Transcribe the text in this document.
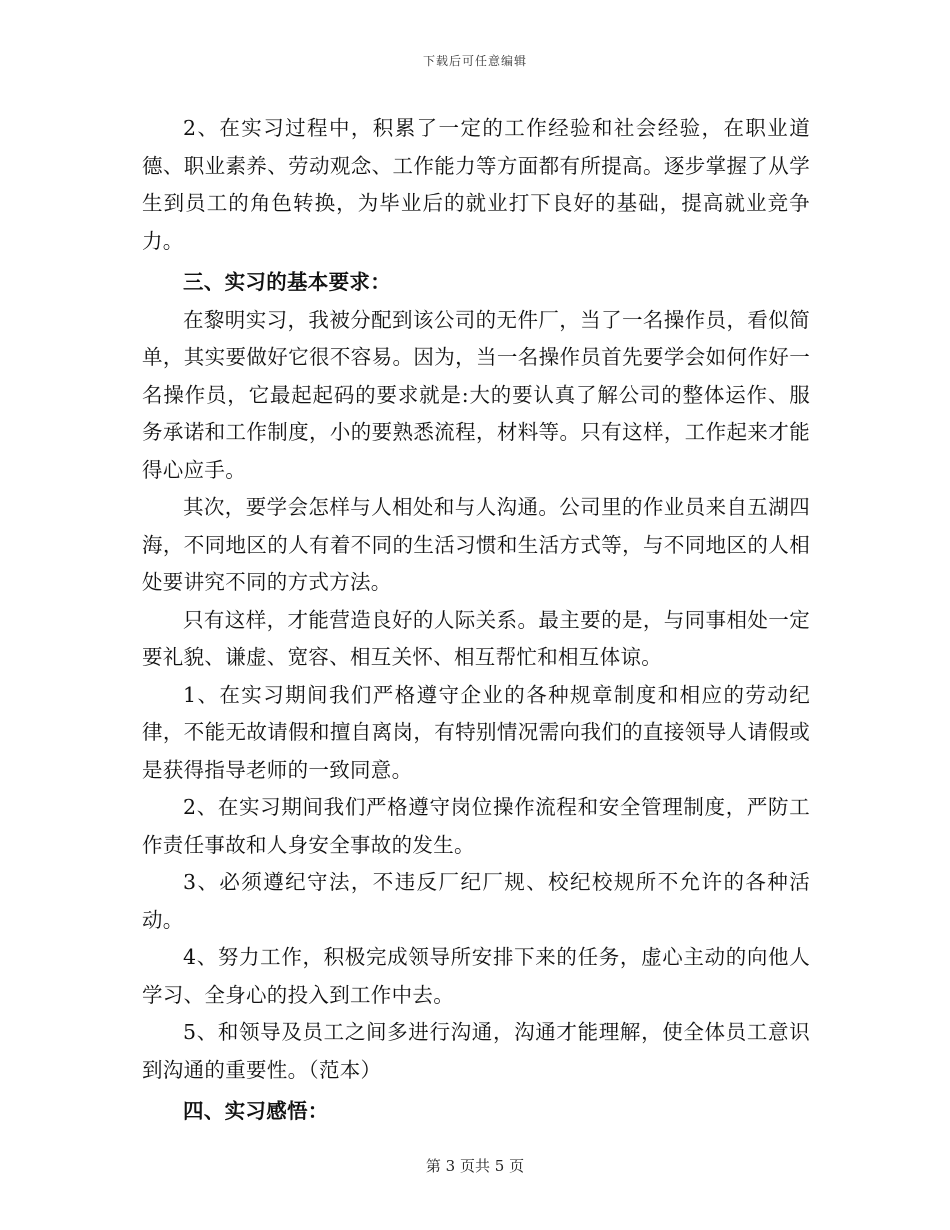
下载后可任意编辑

2、在实习过程中，积累了一定的工作经验和社会经验，在职业道德、职业素养、劳动观念、工作能力等方面都有所提高。逐步掌握了从学生到员工的角色转换，为毕业后的就业打下良好的基础，提高就业竞争力。

三、实习的基本要求：

在黎明实习，我被分配到该公司的无件厂，当了一名操作员，看似简单，其实要做好它很不容易。因为，当一名操作员首先要学会如何作好一名操作员，它最起起码的要求就是:大的要认真了解公司的整体运作、服务承诺和工作制度，小的要熟悉流程，材料等。只有这样，工作起来才能得心应手。

其次，要学会怎样与人相处和与人沟通。公司里的作业员来自五湖四海，不同地区的人有着不同的生活习惯和生活方式等，与不同地区的人相处要讲究不同的方式方法。

只有这样，才能营造良好的人际关系。最主要的是，与同事相处一定要礼貌、谦虚、宽容、相互关怀、相互帮忙和相互体谅。

1、在实习期间我们严格遵守企业的各种规章制度和相应的劳动纪律，不能无故请假和擅自离岗，有特别情况需向我们的直接领导人请假或是获得指导老师的一致同意。

2、在实习期间我们严格遵守岗位操作流程和安全管理制度，严防工作责任事故和人身安全事故的发生。

3、必须遵纪守法，不违反厂纪厂规、校纪校规所不允许的各种活动。

4、努力工作，积极完成领导所安排下来的任务，虚心主动的向他人学习、全身心的投入到工作中去。

5、和领导及员工之间多进行沟通，沟通才能理解，使全体员工意识到沟通的重要性。（范本）

四、实习感悟：

第 3 页共 5 页
